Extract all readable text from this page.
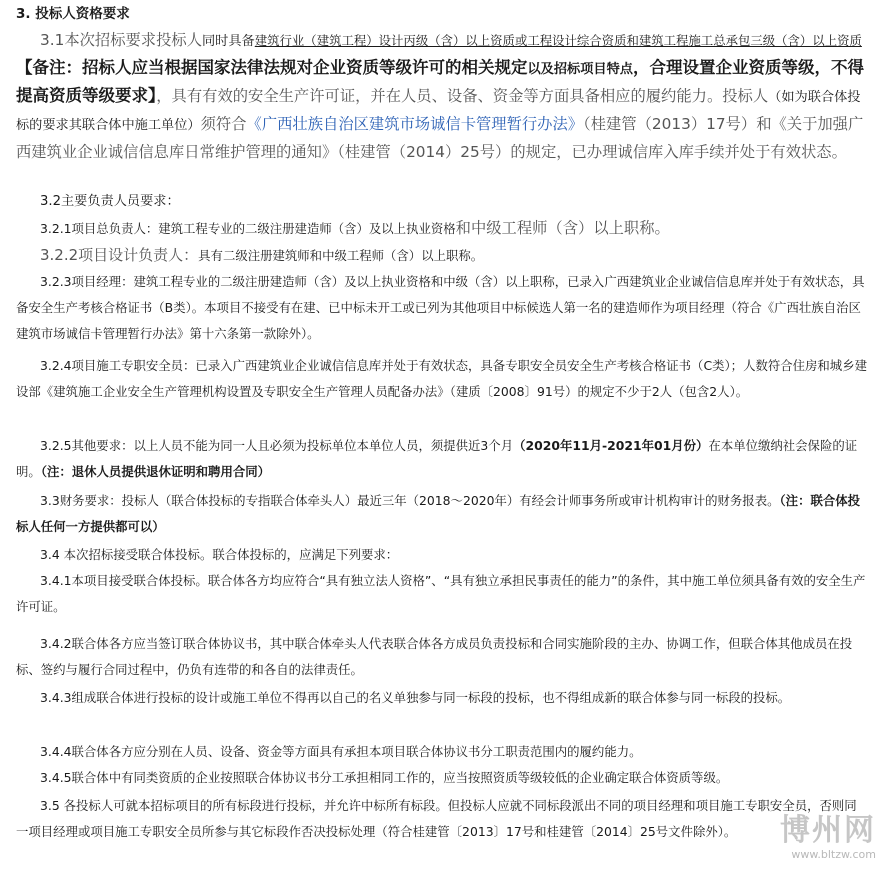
3. 投标人资格要求

3.1本次招标要求投标人同时具备建筑行业（建筑工程）设计丙级（含）以上资质或工程设计综合资质和建筑工程施工总承包三级（含）以上资质【备注：招标人应当根据国家法律法规对企业资质等级许可的相关规定以及招标项目特点，合理设置企业资质等级，不得提高资质等级要求】，具有有效的安全生产许可证，并在人员、设备、资金等方面具备相应的履约能力。投标人（如为联合体投标的要求其联合体中施工单位）须符合《广西壮族自治区建筑市场诚信卡管理暂行办法》（桂建管（2013）17号）和《关于加强广西建筑业企业诚信信息库日常维护管理的通知》（桂建管（2014）25号）的规定，已办理诚信库入库手续并处于有效状态。

3.2主要负责人员要求：

3.2.1项目总负责人：建筑工程专业的二级注册建造师（含）及以上执业资格和中级工程师（含）以上职称。

3.2.2项目设计负责人：具有二级注册建筑师和中级工程师（含）以上职称。

3.2.3项目经理：建筑工程专业的二级注册建造师（含）及以上执业资格和中级（含）以上职称，已录入广西建筑业企业诚信信息库并处于有效状态，具备安全生产考核合格证书（B类）。本项目不接受有在建、已中标未开工或已列为其他项目中标候选人第一名的建造师作为项目经理（符合《广西壮族自治区建筑市场诚信卡管理暂行办法》第十六条第一款除外）。

3.2.4项目施工专职安全员：已录入广西建筑业企业诚信信息库并处于有效状态，具备专职安全员安全生产考核合格证书（C类）；人数符合住房和城乡建设部《建筑施工企业安全生产管理机构设置及专职安全生产管理人员配备办法》（建质〔2008〕91号）的规定不少于2人（包含2人）。

3.2.5其他要求：以上人员不能为同一人且必须为投标单位本单位人员，须提供近3个月（2020年11月-2021年01月份）在本单位缴纳社会保险的证明。（注：退休人员提供退休证明和聘用合同）

3.3财务要求：投标人（联合体投标的专指联合体牵头人）最近三年（2018～2020年）有经会计师事务所或审计机构审计的财务报表。（注：联合体投标人任何一方提供都可以）

3.4 本次招标接受联合体投标。联合体投标的，应满足下列要求：

3.4.1本项目接受联合体投标。联合体各方均应符合“具有独立法人资格”、“具有独立承担民事责任的能力”的条件，其中施工单位须具备有效的安全生产许可证。

3.4.2联合体各方应当签订联合体协议书，其中联合体牵头人代表联合体各方成员负责投标和合同实施阶段的主办、协调工作，但联合体其他成员在投标、签约与履行合同过程中，仍负有连带的和各自的法律责任。

3.4.3组成联合体进行投标的设计或施工单位不得再以自己的名义单独参与同一标段的投标，也不得组成新的联合体参与同一标段的投标。

3.4.4联合体各方应分别在人员、设备、资金等方面具有承担本项目联合体协议书分工职责范围内的履约能力。

3.4.5联合体中有同类资质的企业按照联合体协议书分工承担相同工作的，应当按照资质等级较低的企业确定联合体资质等级。

3.5 各投标人可就本招标项目的所有标段进行投标，并允许中标所有标段。但投标人应就不同标段派出不同的项目经理和项目施工专职安全员，否则同一项目经理或项目施工专职安全员所参与其它标段作否决投标处理（符合桂建管〔2013〕17号和桂建管〔2014〕25号文件除外）。	博州网
www.bltzw.com
